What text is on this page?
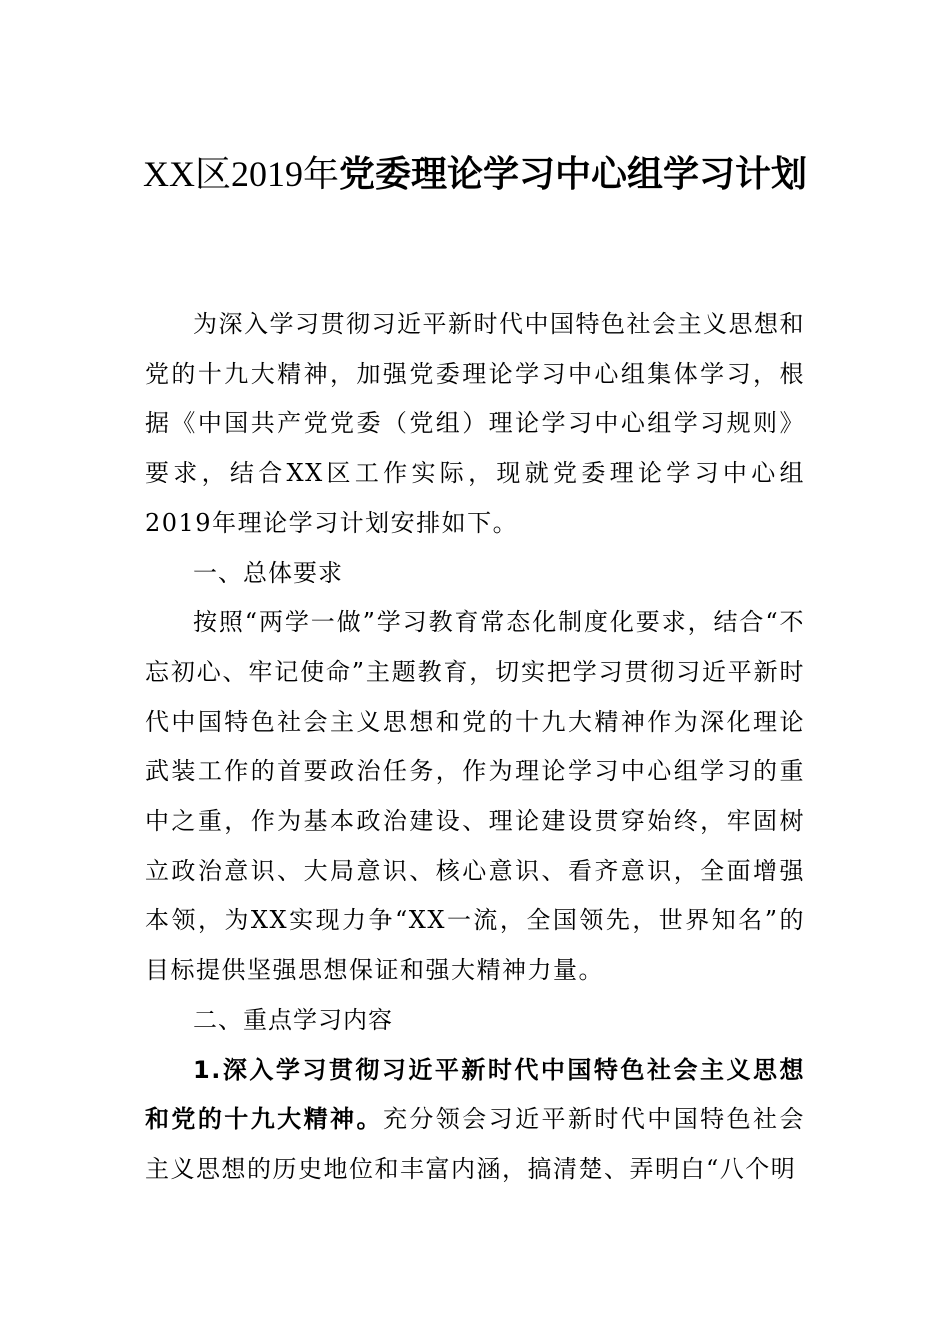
XX区2019年党委理论学习中心组学习计划

为深入学习贯彻习近平新时代中国特色社会主义思想和党的十九大精神，加强党委理论学习中心组集体学习，根据《中国共产党党委（党组）理论学习中心组学习规则》要求，结合XX区工作实际，现就党委理论学习中心组2019年理论学习计划安排如下。

一、总体要求

按照“两学一做”学习教育常态化制度化要求，结合“不忘初心、牢记使命”主题教育，切实把学习贯彻习近平新时代中国特色社会主义思想和党的十九大精神作为深化理论武装工作的首要政治任务，作为理论学习中心组学习的重中之重，作为基本政治建设、理论建设贯穿始终，牢固树立政治意识、大局意识、核心意识、看齐意识，全面增强本领，为XX实现力争“XX一流，全国领先，世界知名”的目标提供坚强思想保证和强大精神力量。

二、重点学习内容

1.深入学习贯彻习近平新时代中国特色社会主义思想和党的十九大精神。充分领会习近平新时代中国特色社会主义思想的历史地位和丰富内涵，搞清楚、弄明白“八个明
